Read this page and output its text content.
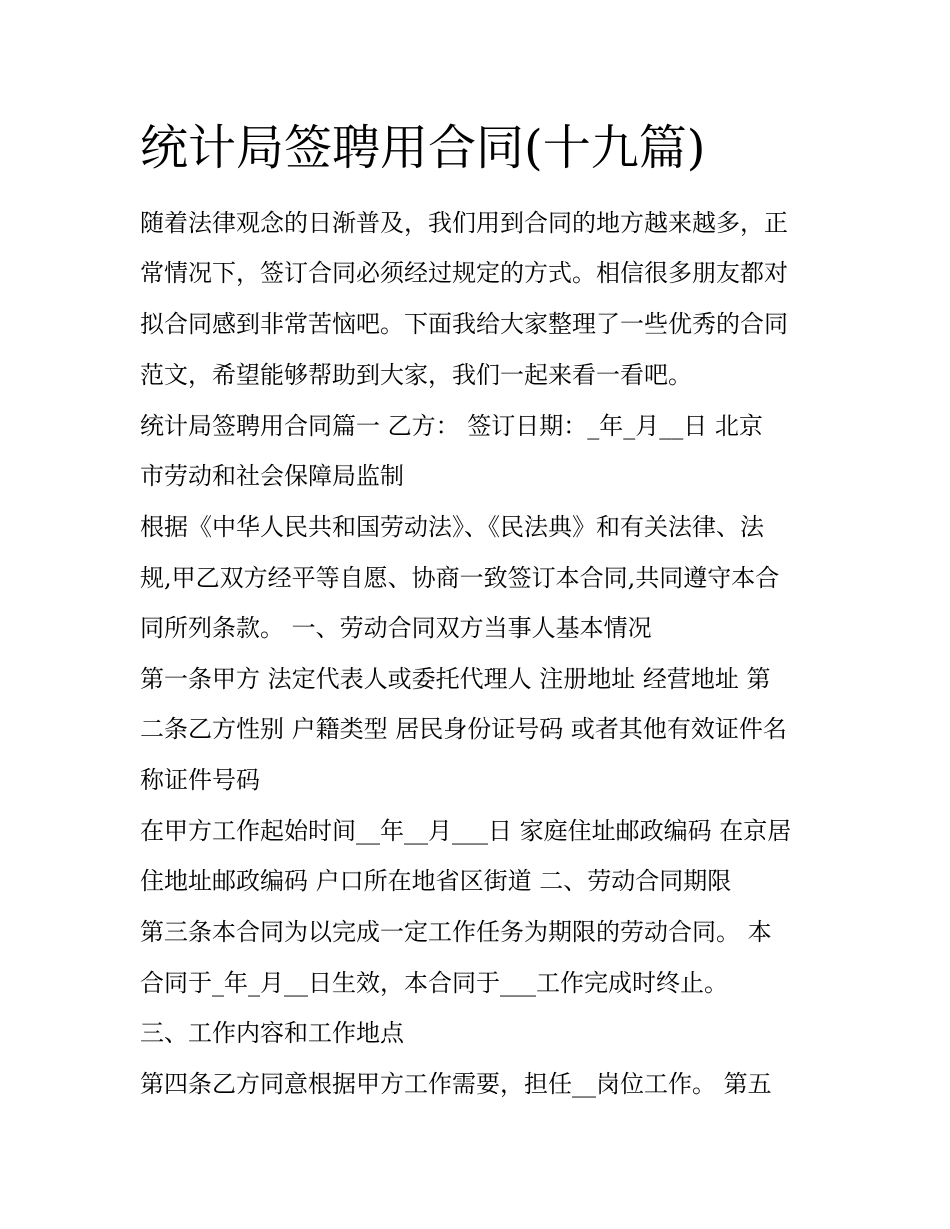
统计局签聘用合同(十九篇)

随着法律观念的日渐普及，我们用到合同的地方越来越多，正

常情况下，签订合同必须经过规定的方式。相信很多朋友都对

拟合同感到非常苦恼吧。下面我给大家整理了一些优秀的合同

范文，希望能够帮助到大家，我们一起来看一看吧。

统计局签聘用合同篇一 乙方： 签订日期：_年_月__日 北京

市劳动和社会保障局监制

根据《中华人民共和国劳动法》、《民法典》和有关法律、法

规,甲乙双方经平等自愿、协商一致签订本合同,共同遵守本合

同所列条款。 一、劳动合同双方当事人基本情况

第一条甲方 法定代表人或委托代理人 注册地址 经营地址 第

二条乙方性别 户籍类型 居民身份证号码 或者其他有效证件名

称证件号码

在甲方工作起始时间__年__月___日 家庭住址邮政编码 在京居

住地址邮政编码 户口所在地省区街道 二、劳动合同期限

第三条本合同为以完成一定工作任务为期限的劳动合同。 本

合同于_年_月__日生效，本合同于___工作完成时终止。

三、工作内容和工作地点

第四条乙方同意根据甲方工作需要，担任__岗位工作。 第五
